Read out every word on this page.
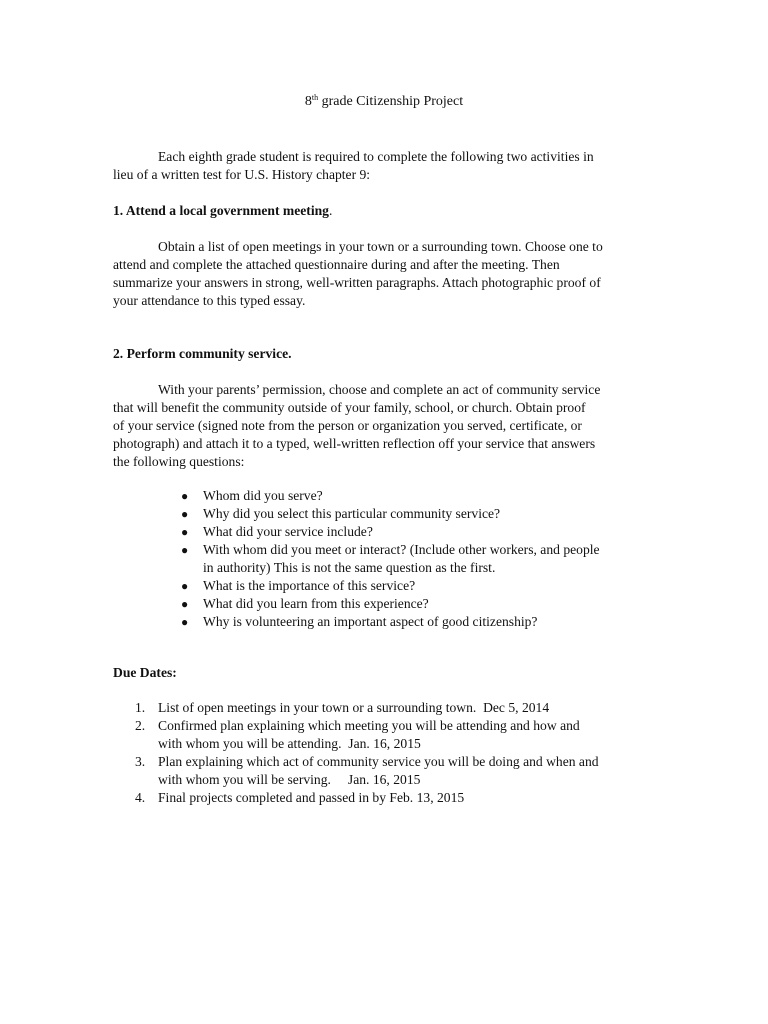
8th grade Citizenship Project
Each eighth grade student is required to complete the following two activities in
lieu of a written test for U.S. History chapter 9:
1. Attend a local government meeting.
Obtain a list of open meetings in your town or a surrounding town. Choose one to
attend and complete the attached questionnaire during and after the meeting. Then
summarize your answers in strong, well-written paragraphs. Attach photographic proof of
your attendance to this typed essay.
2. Perform community service.
With your parents’ permission, choose and complete an act of community service
that will benefit the community outside of your family, school, or church. Obtain proof
of your service (signed note from the person or organization you served, certificate, or
photograph) and attach it to a typed, well-written reflection off your service that answers
the following questions:
● Whom did you serve?
● Why did you select this particular community service?
● What did your service include?
● With whom did you meet or interact? (Include other workers, and people
in authority) This is not the same question as the first.
● What is the importance of this service?
● What did you learn from this experience?
● Why is volunteering an important aspect of good citizenship?
Due Dates:
1. List of open meetings in your town or a surrounding town.  Dec 5, 2014
2. Confirmed plan explaining which meeting you will be attending and how and
with whom you will be attending.  Jan. 16, 2015
3. Plan explaining which act of community service you will be doing and when and
with whom you will be serving.     Jan. 16, 2015
4. Final projects completed and passed in by Feb. 13, 2015
